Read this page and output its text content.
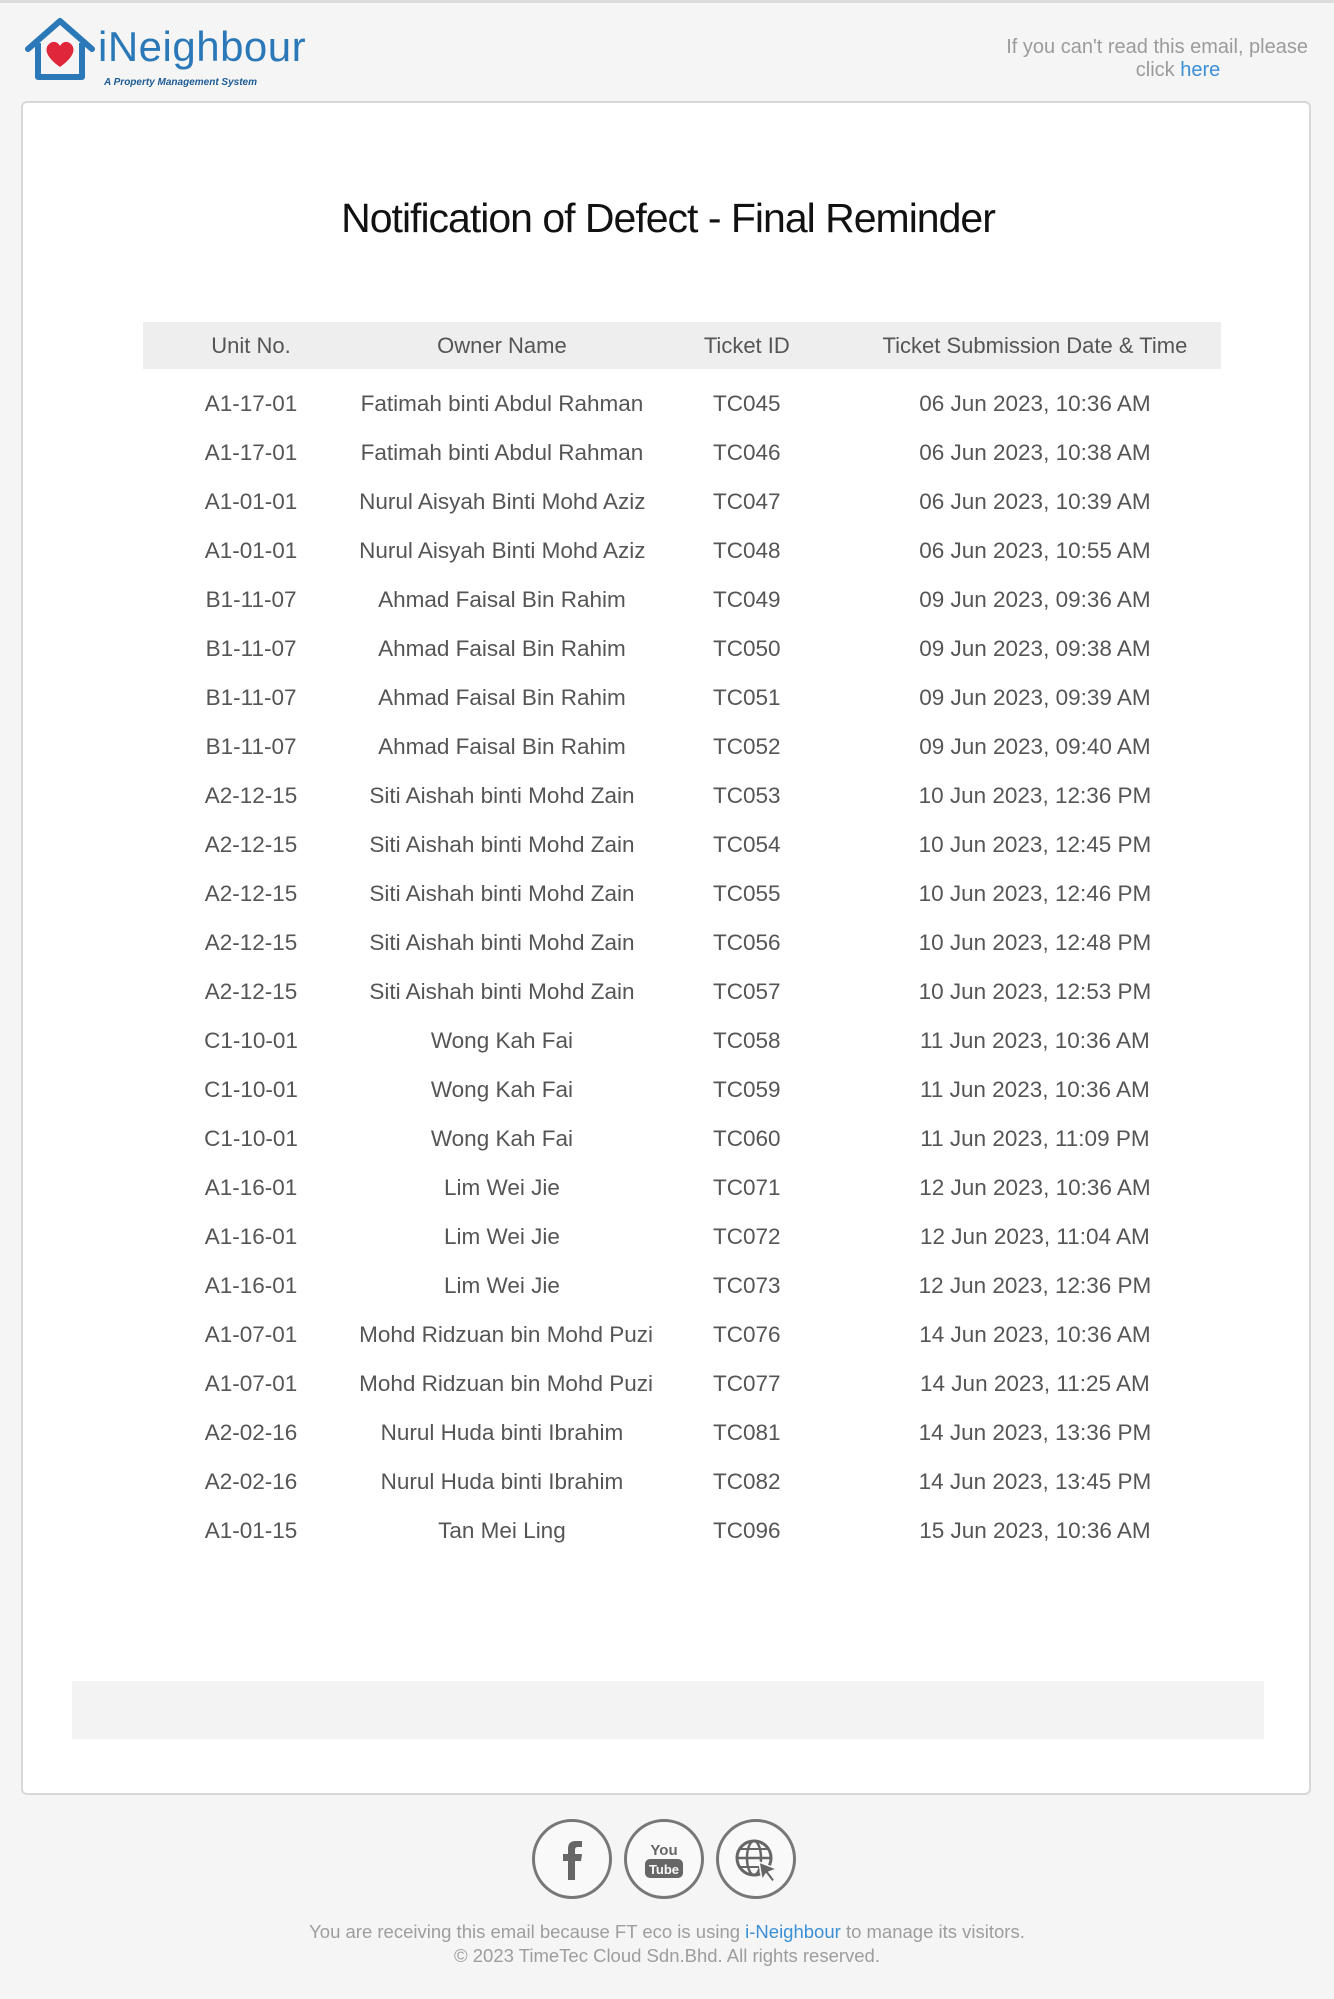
iNeighbour
A Property Management System
If you can't read this email, please
click here
Notification of Defect - Final Reminder
Unit No.	Owner Name	Ticket ID	Ticket Submission Date & Time
A1-17-01	Fatimah binti Abdul Rahman	TC045	06 Jun 2023, 10:36 AM
A1-17-01	Fatimah binti Abdul Rahman	TC046	06 Jun 2023, 10:38 AM
A1-01-01	Nurul Aisyah Binti Mohd Aziz	TC047	06 Jun 2023, 10:39 AM
A1-01-01	Nurul Aisyah Binti Mohd Aziz	TC048	06 Jun 2023, 10:55 AM
B1-11-07	Ahmad Faisal Bin Rahim	TC049	09 Jun 2023, 09:36 AM
B1-11-07	Ahmad Faisal Bin Rahim	TC050	09 Jun 2023, 09:38 AM
B1-11-07	Ahmad Faisal Bin Rahim	TC051	09 Jun 2023, 09:39 AM
B1-11-07	Ahmad Faisal Bin Rahim	TC052	09 Jun 2023, 09:40 AM
A2-12-15	Siti Aishah binti Mohd Zain	TC053	10 Jun 2023, 12:36 PM
A2-12-15	Siti Aishah binti Mohd Zain	TC054	10 Jun 2023, 12:45 PM
A2-12-15	Siti Aishah binti Mohd Zain	TC055	10 Jun 2023, 12:46 PM
A2-12-15	Siti Aishah binti Mohd Zain	TC056	10 Jun 2023, 12:48 PM
A2-12-15	Siti Aishah binti Mohd Zain	TC057	10 Jun 2023, 12:53 PM
C1-10-01	Wong Kah Fai	TC058	11 Jun 2023, 10:36 AM
C1-10-01	Wong Kah Fai	TC059	11 Jun 2023, 10:36 AM
C1-10-01	Wong Kah Fai	TC060	11 Jun 2023, 11:09 PM
A1-16-01	Lim Wei Jie	TC071	12 Jun 2023, 10:36 AM
A1-16-01	Lim Wei Jie	TC072	12 Jun 2023, 11:04 AM
A1-16-01	Lim Wei Jie	TC073	12 Jun 2023, 12:36 PM
A1-07-01	Mohd Ridzuan bin Mohd Puzi	TC076	14 Jun 2023, 10:36 AM
A1-07-01	Mohd Ridzuan bin Mohd Puzi	TC077	14 Jun 2023, 11:25 AM
A2-02-16	Nurul Huda binti Ibrahim	TC081	14 Jun 2023, 13:36 PM
A2-02-16	Nurul Huda binti Ibrahim	TC082	14 Jun 2023, 13:45 PM
A1-01-15	Tan Mei Ling	TC096	15 Jun 2023, 10:36 AM
You
Tube
You are receiving this email because FT eco is using i-Neighbour to manage its visitors.
© 2023 TimeTec Cloud Sdn.Bhd. All rights reserved.
